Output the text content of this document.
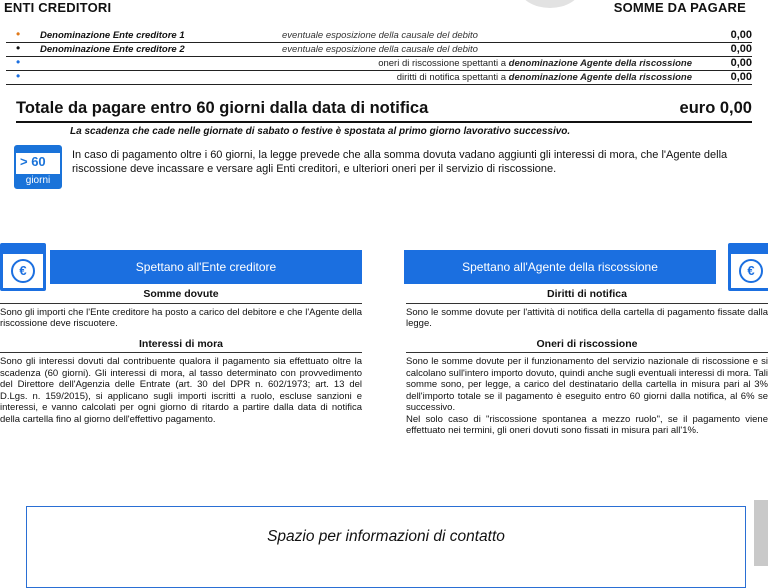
ENTI CREDITORI	SOMME DA PAGARE
• Denominazione Ente creditore 1	eventuale esposizione della causale del debito	0,00
• Denominazione Ente creditore 2	eventuale esposizione della causale del debito	0,00
•	oneri di riscossione spettanti a denominazione Agente della riscossione	0,00
•	diritti di notifica spettanti a denominazione Agente della riscossione	0,00
Totale da pagare entro 60 giorni dalla data di notifica	euro 0,00
La scadenza che cade nelle giornate di sabato o festive è spostata al primo giorno lavorativo successivo.
> 60
giorni
In caso di pagamento oltre i 60 giorni, la legge prevede che alla somma dovuta vadano aggiunti gli interessi di mora, che l'Agente della riscossione deve incassare e versare agli Enti creditori, e ulteriori oneri per il servizio di riscossione.
€	Spettano all'Ente creditore	Spettano all'Agente della riscossione	€
Somme dovute
Sono gli importi che l'Ente creditore ha posto a carico del debitore e che l'Agente della riscossione deve riscuotere.
Interessi di mora
Sono gli interessi dovuti dal contribuente qualora il pagamento sia effettuato oltre la scadenza (60 giorni). Gli interessi di mora, al tasso determinato con provvedimento del Direttore dell'Agenzia delle Entrate (art. 30 del DPR n. 602/1973; art. 13 del D.Lgs. n. 159/2015), si applicano sugli importi iscritti a ruolo, escluse sanzioni e interessi, e vanno calcolati per ogni giorno di ritardo a partire dalla data di notifica della cartella fino al giorno dell'effettivo pagamento.
Diritti di notifica
Sono le somme dovute per l'attività di notifica della cartella di pagamento fissate dalla legge.
Oneri di riscossione
Sono le somme dovute per il funzionamento del servizio nazionale di riscossione e si calcolano sull'intero importo dovuto, quindi anche sugli eventuali interessi di mora. Tali somme sono, per legge, a carico del destinatario della cartella in misura pari al 3% dell'importo totale se il pagamento è eseguito entro 60 giorni dalla notifica, al 6% se successivo.
Nel solo caso di "riscossione spontanea a mezzo ruolo", se il pagamento viene effettuato nei termini, gli oneri dovuti sono fissati in misura pari all'1%.
Spazio per informazioni di contatto
